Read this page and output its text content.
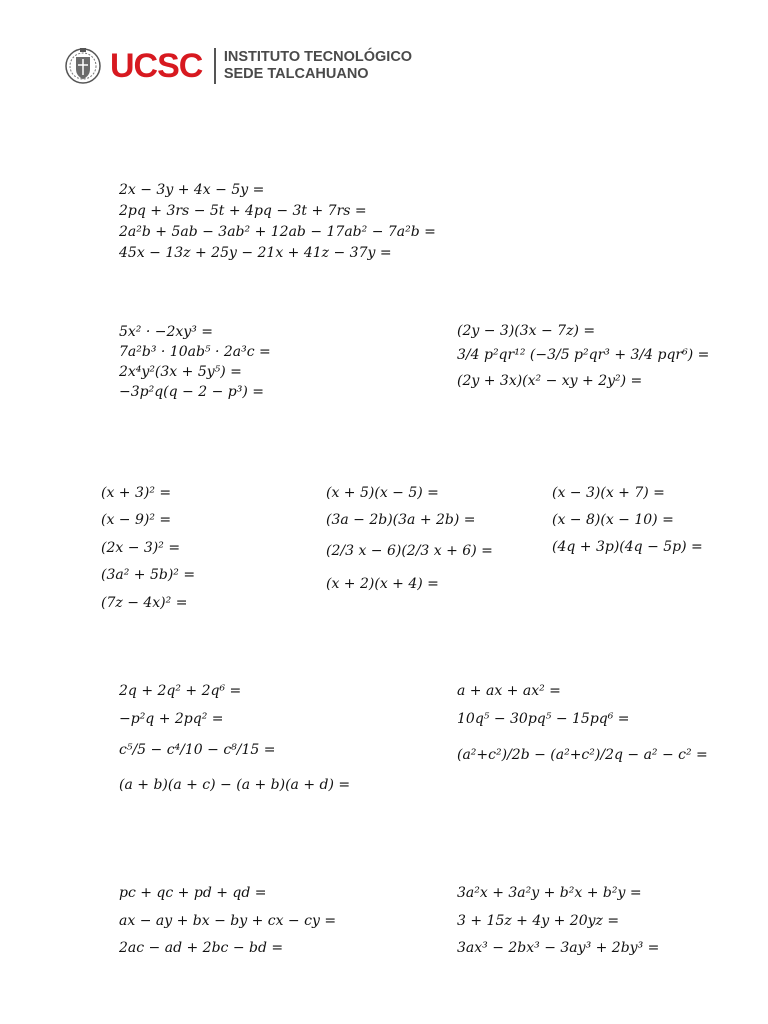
UCSC INSTITUTO TECNOLÓGICO
SEDE TALCAHUANO
2x − 3y + 4x − 5y =
2pq + 3rs − 5t + 4pq − 3t + 7rs =
2a²b + 5ab − 3ab² + 12ab − 17ab² − 7a²b =
45x − 13z + 25y − 21x + 41z − 37y =
5x² · −2xy³ =
7a²b³ · 10ab⁵ · 2a³c =
2x⁴y²(3x + 5y⁵) =
−3p²q(q − 2 − p³) =
(2y − 3)(3x − 7z) =
3/4 p²qr¹² (−3/5 p²qr³ + 3/4 pqr⁶) =
(2y + 3x)(x² − xy + 2y²) =
(x + 3)² =
(x − 9)² =
(2x − 3)² =
(3a² + 5b)² =
(7z − 4x)² =
(x + 5)(x − 5) =
(3a − 2b)(3a + 2b) =
(2/3 x − 6)(2/3 x + 6) =
(x + 2)(x + 4) =
(x − 3)(x + 7) =
(x − 8)(x − 10) =
(4q + 3p)(4q − 5p) =
2q + 2q² + 2q⁶ =
−p²q + 2pq² =
c⁵/5 − c⁴/10 − c⁸/15 =
(a + b)(a + c) − (a + b)(a + d) =
a + ax + ax² =
10q⁵ − 30pq⁵ − 15pq⁶ =
(a²+c²)/2b − (a²+c²)/2q − a² − c² =
pc + qc + pd + qd =
ax − ay + bx − by + cx − cy =
2ac − ad + 2bc − bd =
3a²x + 3a²y + b²x + b²y =
3 + 15z + 4y + 20yz =
3ax³ − 2bx³ − 3ay³ + 2by³ =
